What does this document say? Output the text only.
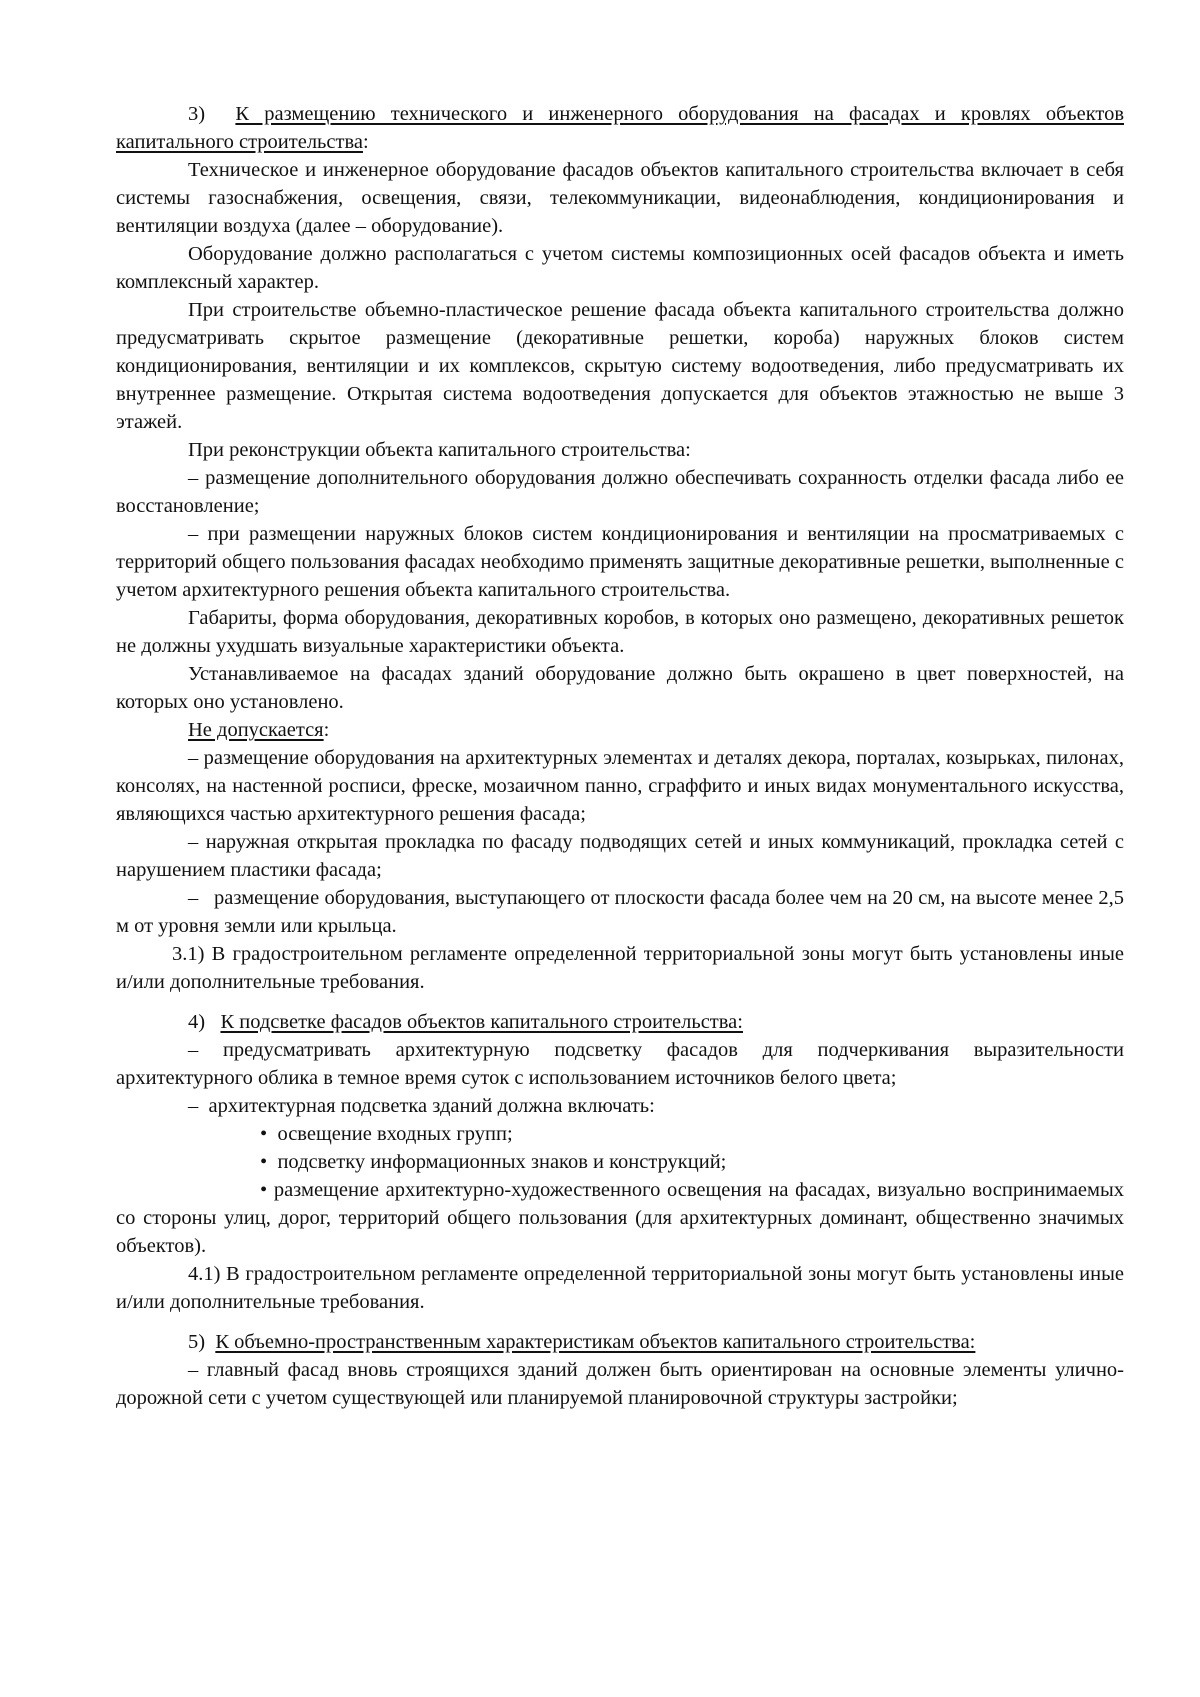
3) К размещению технического и инженерного оборудования на фасадах и кровлях объектов капитального строительства:

Техническое и инженерное оборудование фасадов объектов капитального строительства включает в себя системы газоснабжения, освещения, связи, телекоммуникации, видеонаблюдения, кондиционирования и вентиляции воздуха (далее – оборудование).

Оборудование должно располагаться с учетом системы композиционных осей фасадов объекта и иметь комплексный характер.

При строительстве объемно-пластическое решение фасада объекта капитального строительства должно предусматривать скрытое размещение (декоративные решетки, короба) наружных блоков систем кондиционирования, вентиляции и их комплексов, скрытую систему водоотведения, либо предусматривать их внутреннее размещение. Открытая система водоотведения допускается для объектов этажностью не выше 3 этажей.

При реконструкции объекта капитального строительства:

– размещение дополнительного оборудования должно обеспечивать сохранность отделки фасада либо ее восстановление;

– при размещении наружных блоков систем кондиционирования и вентиляции на просматриваемых с территорий общего пользования фасадах необходимо применять защитные декоративные решетки, выполненные с учетом архитектурного решения объекта капитального строительства.

Габариты, форма оборудования, декоративных коробов, в которых оно размещено, декоративных решеток не должны ухудшать визуальные характеристики объекта.

Устанавливаемое на фасадах зданий оборудование должно быть окрашено в цвет поверхностей, на которых оно установлено.

Не допускается:

– размещение оборудования на архитектурных элементах и деталях декора, порталах, козырьках, пилонах, консолях, на настенной росписи, фреске, мозаичном панно, сграффито и иных видах монументального искусства, являющихся частью архитектурного решения фасада;

– наружная открытая прокладка по фасаду подводящих сетей и иных коммуникаций, прокладка сетей с нарушением пластики фасада;

–   размещение оборудования, выступающего от плоскости фасада более чем на 20 см, на высоте менее 2,5 м от уровня земли или крыльца.

3.1) В градостроительном регламенте определенной территориальной зоны могут быть установлены иные и/или дополнительные требования.

4) К подсветке фасадов объектов капитального строительства:

– предусматривать архитектурную подсветку фасадов для подчеркивания выразительности архитектурного облика в темное время суток с использованием источников белого цвета;

–  архитектурная подсветка зданий должна включать:

• освещение входных групп;

• подсветку информационных знаков и конструкций;

• размещение архитектурно-художественного освещения на фасадах, визуально воспринимаемых со стороны улиц, дорог, территорий общего пользования (для архитектурных доминант, общественно значимых объектов).

4.1) В градостроительном регламенте определенной территориальной зоны могут быть установлены иные и/или дополнительные требования.

5) К объемно-пространственным характеристикам объектов капитального строительства:

– главный фасад вновь строящихся зданий должен быть ориентирован на основные элементы улично-дорожной сети с учетом существующей или планируемой планировочной структуры застройки;
